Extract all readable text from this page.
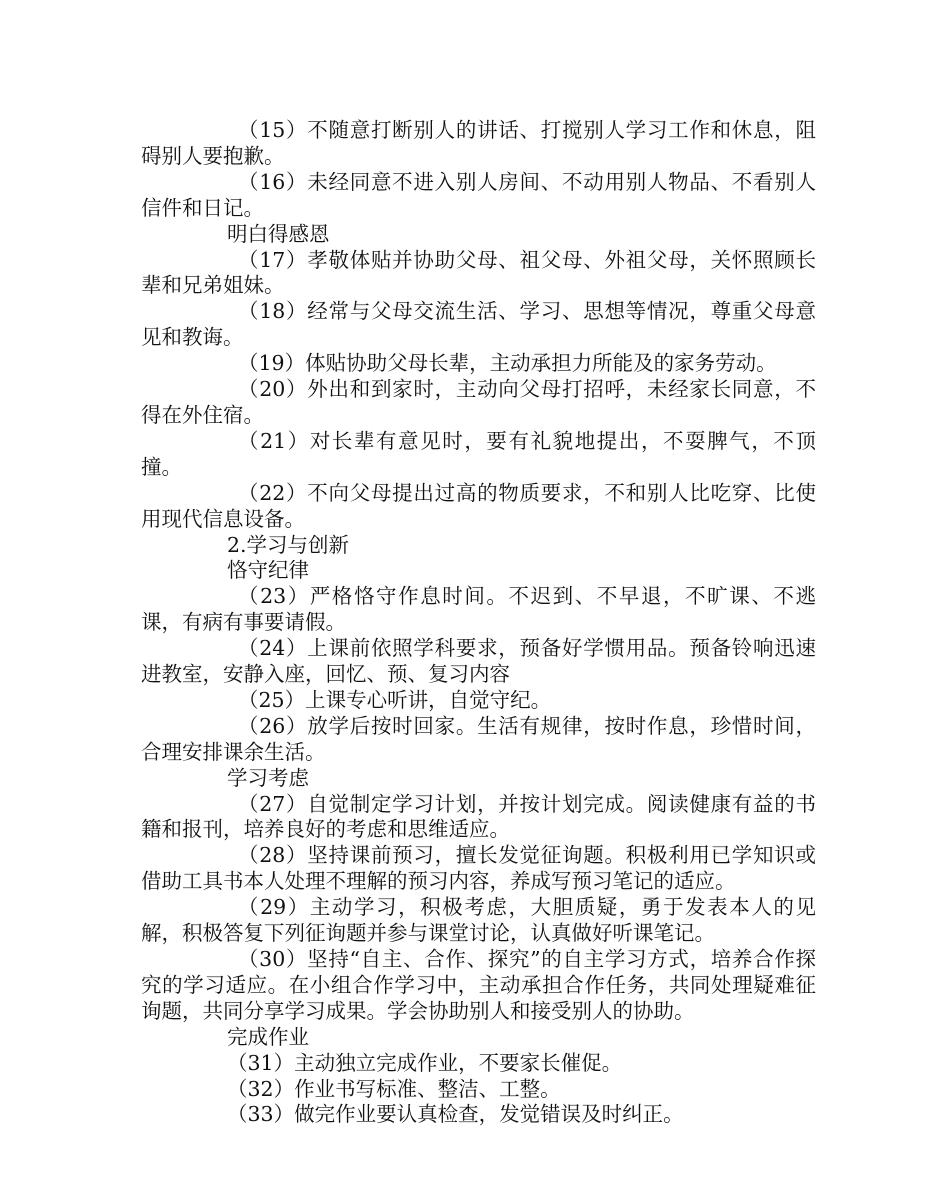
（15）不随意打断别人的讲话、打搅别人学习工作和休息，阻碍别人要抱歉。

（16）未经同意不进入别人房间、不动用别人物品、不看别人信件和日记。

明白得感恩

（17）孝敬体贴并协助父母、祖父母、外祖父母，关怀照顾长辈和兄弟姐妹。

（18）经常与父母交流生活、学习、思想等情况，尊重父母意见和教诲。

（19）体贴协助父母长辈，主动承担力所能及的家务劳动。

（20）外出和到家时，主动向父母打招呼，未经家长同意，不得在外住宿。

（21）对长辈有意见时，要有礼貌地提出，不耍脾气，不顶撞。

（22）不向父母提出过高的物质要求，不和别人比吃穿、比使用现代信息设备。

2.学习与创新

恪守纪律

（23）严格恪守作息时间。不迟到、不早退，不旷课、不逃课，有病有事要请假。

（24）上课前依照学科要求，预备好学惯用品。预备铃响迅速进教室，安静入座，回忆、预、复习内容

（25）上课专心听讲，自觉守纪。

（26）放学后按时回家。生活有规律，按时作息，珍惜时间，合理安排课余生活。

学习考虑

（27）自觉制定学习计划，并按计划完成。阅读健康有益的书籍和报刊，培养良好的考虑和思维适应。

（28）坚持课前预习，擅长发觉征询题。积极利用已学知识或借助工具书本人处理不理解的预习内容，养成写预习笔记的适应。

（29）主动学习，积极考虑，大胆质疑，勇于发表本人的见解，积极答复下列征询题并参与课堂讨论，认真做好听课笔记。

（30）坚持“自主、合作、探究”的自主学习方式，培养合作探究的学习适应。在小组合作学习中，主动承担合作任务，共同处理疑难征询题，共同分享学习成果。学会协助别人和接受别人的协助。

完成作业

（31）主动独立完成作业，不要家长催促。

（32）作业书写标准、整洁、工整。

（33）做完作业要认真检查，发觉错误及时纠正。
